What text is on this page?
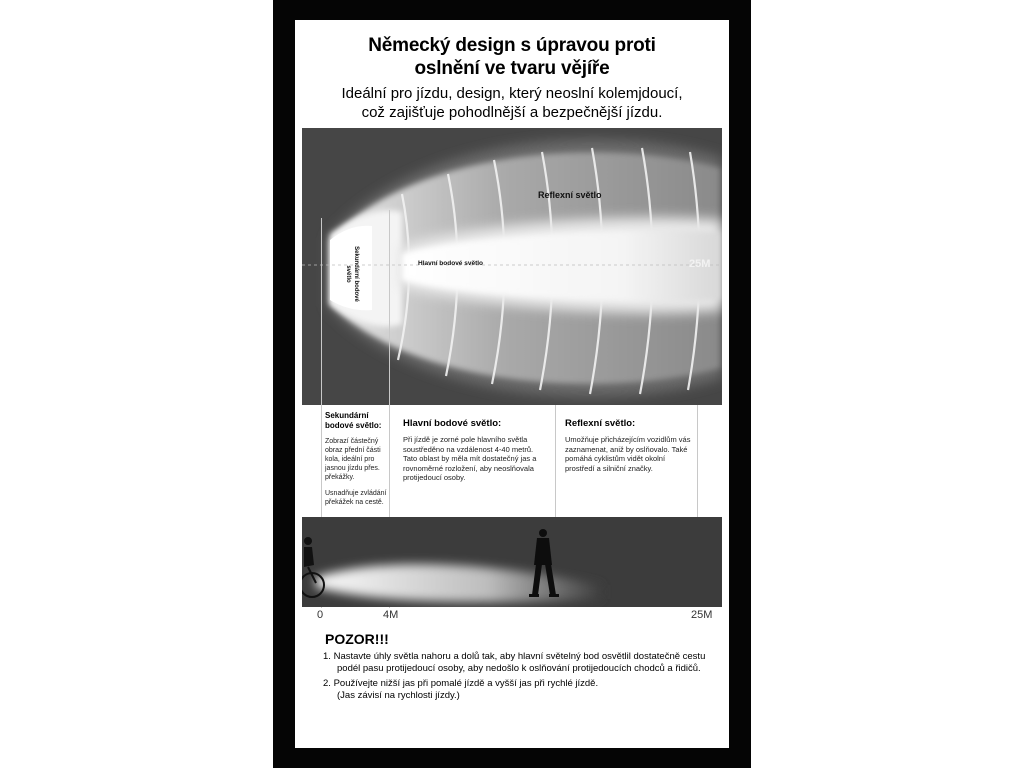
Německý design s úpravou proti
oslnění ve tvaru vějíře
Ideální pro jízdu, design, který neoslní kolemjdoucí,
což zajišťuje pohodlnější a bezpečnější jízdu.
Reflexní světlo
Hlavní bodové světlo
Sekundární bodové světlo
25M
Sekundární bodové světlo:
Zobrazí částečný obraz přední části kola, ideální pro jasnou jízdu přes. překážky.
Usnadňuje zvládání překážek na cestě.
Hlavní bodové světlo:
Při jízdě je zorné pole hlavního světla soustředěno na vzdálenost 4-40 metrů. Tato oblast by měla mít dostatečný jas a rovnoměrné rozložení, aby neoslňovala protijedoucí osoby.
Reflexní světlo:
Umožňuje přicházejícím vozidlům vás zaznamenat, aniž by oslňovalo. Také pomáhá cyklistům vidět okolní prostředí a silniční značky.
0	4M	25M
POZOR!!!
1. Nastavte úhly světla nahoru a dolů tak, aby hlavní světelný bod osvětlil dostatečně cestu podél pasu protijedoucí osoby, aby nedošlo k oslňování protijedoucích chodců a řidičů.
2. Používejte nižší jas při pomalé jízdě a vyšší jas při rychlé jízdě.
(Jas závisí na rychlosti jízdy.)
